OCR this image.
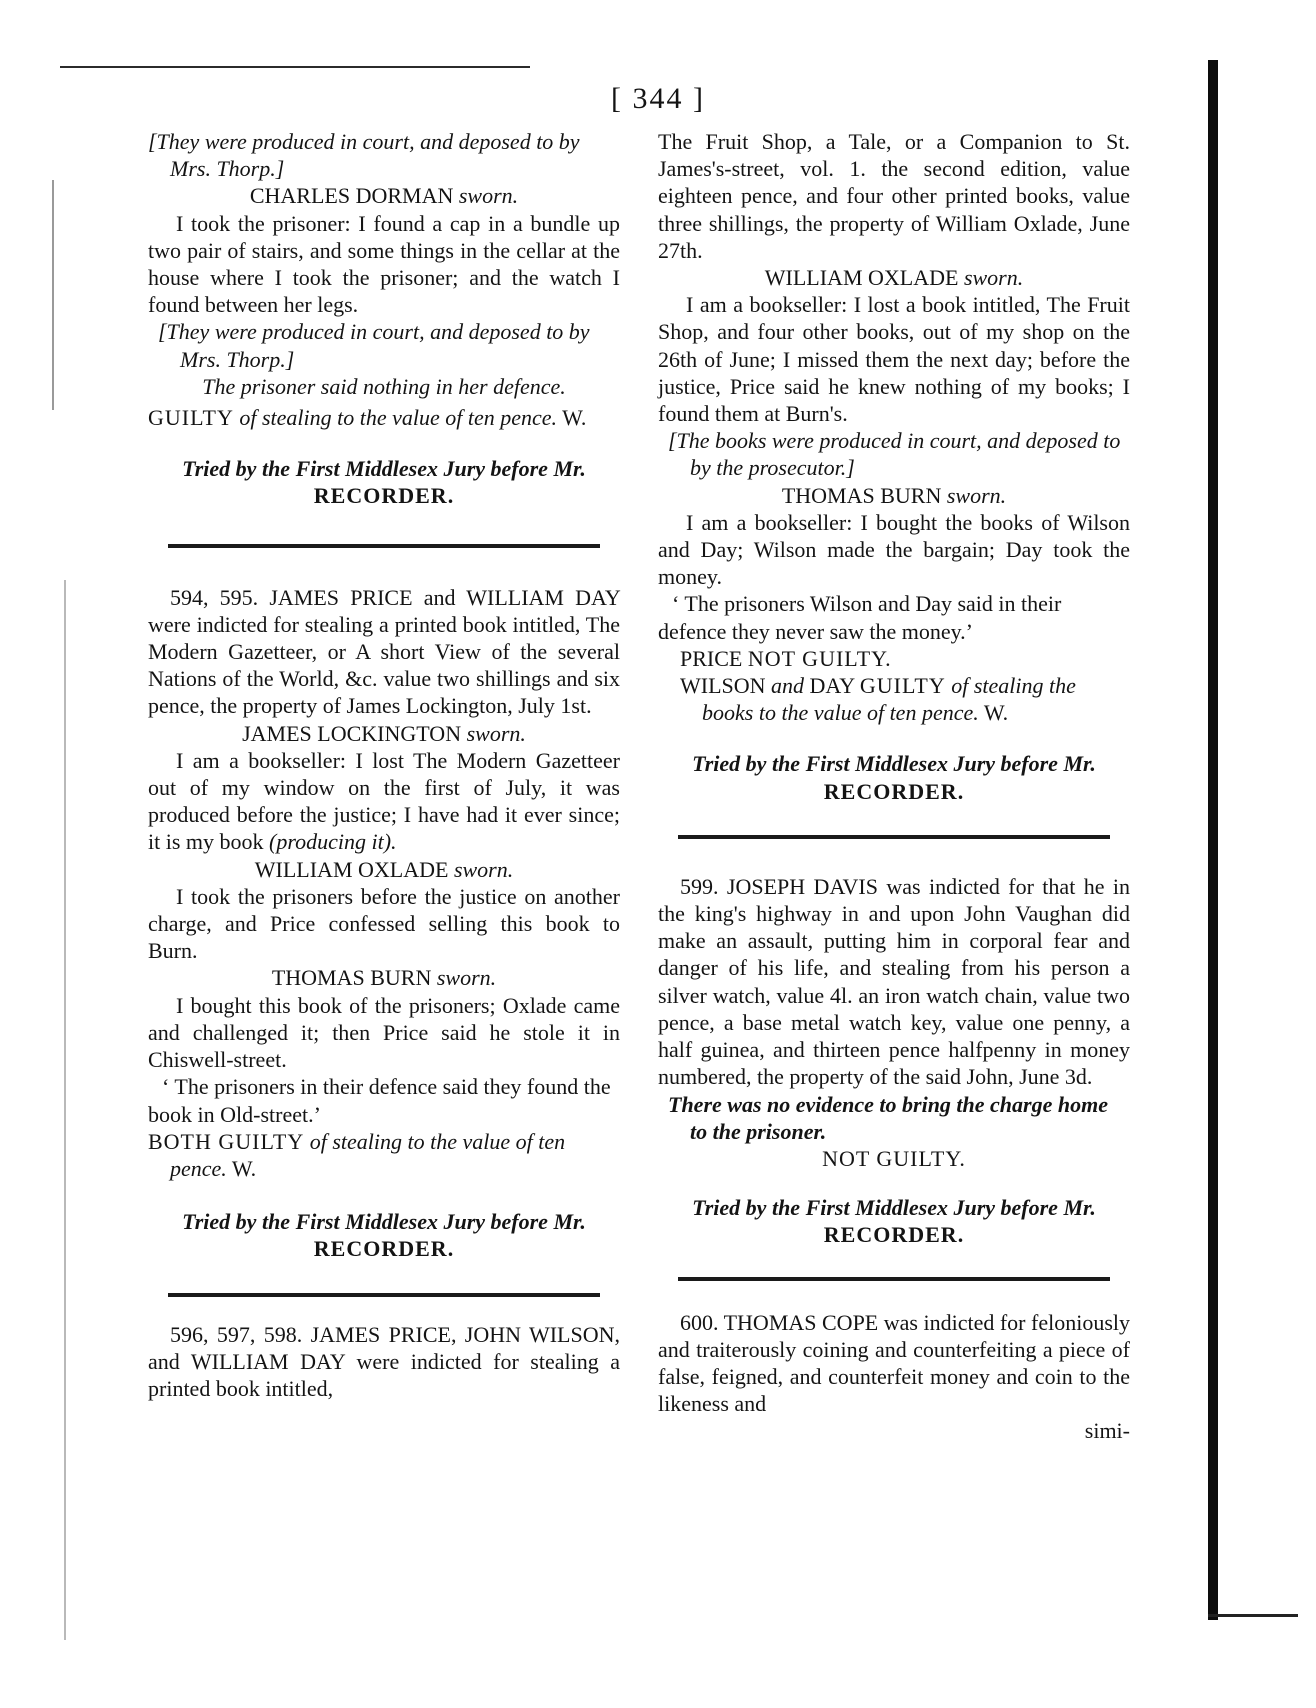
[ 344 ]

[They were produced in court, and deposed to by Mrs. Thorp.]

CHARLES DORMAN sworn.

I took the prisoner: I found a cap in a bundle up two pair of stairs, and some things in the cellar at the house where I took the prisoner; and the watch I found between her legs.

[They were produced in court, and deposed to by Mrs. Thorp.]

The prisoner said nothing in her defence.

GUILTY of stealing to the value of ten pence. W.

Tried by the First Middlesex Jury before Mr.
RECORDER.

594, 595. JAMES PRICE and WILLIAM DAY were indicted for stealing a printed book intitled, The Modern Gazetteer, or A short View of the several Nations of the World, &c. value two shillings and six pence, the property of James Lockington, July 1st.

JAMES LOCKINGTON sworn.

I am a bookseller: I lost The Modern Gazetteer out of my window on the first of July, it was produced before the justice; I have had it ever since; it is my book (producing it).

WILLIAM OXLADE sworn.

I took the prisoners before the justice on another charge, and Price confessed selling this book to Burn.

THOMAS BURN sworn.

I bought this book of the prisoners; Oxlade came and challenged it; then Price said he stole it in Chiswell-street.

‘ The prisoners in their defence said they found the book in Old-street.’

BOTH GUILTY of stealing to the value of ten pence. W.

Tried by the First Middlesex Jury before Mr.
RECORDER.

596, 597, 598. JAMES PRICE, JOHN WILSON, and WILLIAM DAY were indicted for stealing a printed book intitled,

The Fruit Shop, a Tale, or a Companion to St. James's-street, vol. 1. the second edition, value eighteen pence, and four other printed books, value three shillings, the property of William Oxlade, June 27th.

WILLIAM OXLADE sworn.

I am a bookseller: I lost a book intitled, The Fruit Shop, and four other books, out of my shop on the 26th of June; I missed them the next day; before the justice, Price said he knew nothing of my books; I found them at Burn's.

[The books were produced in court, and deposed to by the prosecutor.]

THOMAS BURN sworn.

I am a bookseller: I bought the books of Wilson and Day; Wilson made the bargain; Day took the money.

‘ The prisoners Wilson and Day said in their defence they never saw the money.’

PRICE NOT GUILTY.

WILSON and DAY GUILTY of stealing the books to the value of ten pence. W.

Tried by the First Middlesex Jury before Mr.
RECORDER.

599. JOSEPH DAVIS was indicted for that he in the king's highway in and upon John Vaughan did make an assault, putting him in corporal fear and danger of his life, and stealing from his person a silver watch, value 4l. an iron watch chain, value two pence, a base metal watch key, value one penny, a half guinea, and thirteen pence halfpenny in money numbered, the property of the said John, June 3d.

There was no evidence to bring the charge home to the prisoner.

NOT GUILTY.

Tried by the First Middlesex Jury before Mr.
RECORDER.

600. THOMAS COPE was indicted for feloniously and traiterously coining and counterfeiting a piece of false, feigned, and counterfeit money and coin to the likeness and

simi-
